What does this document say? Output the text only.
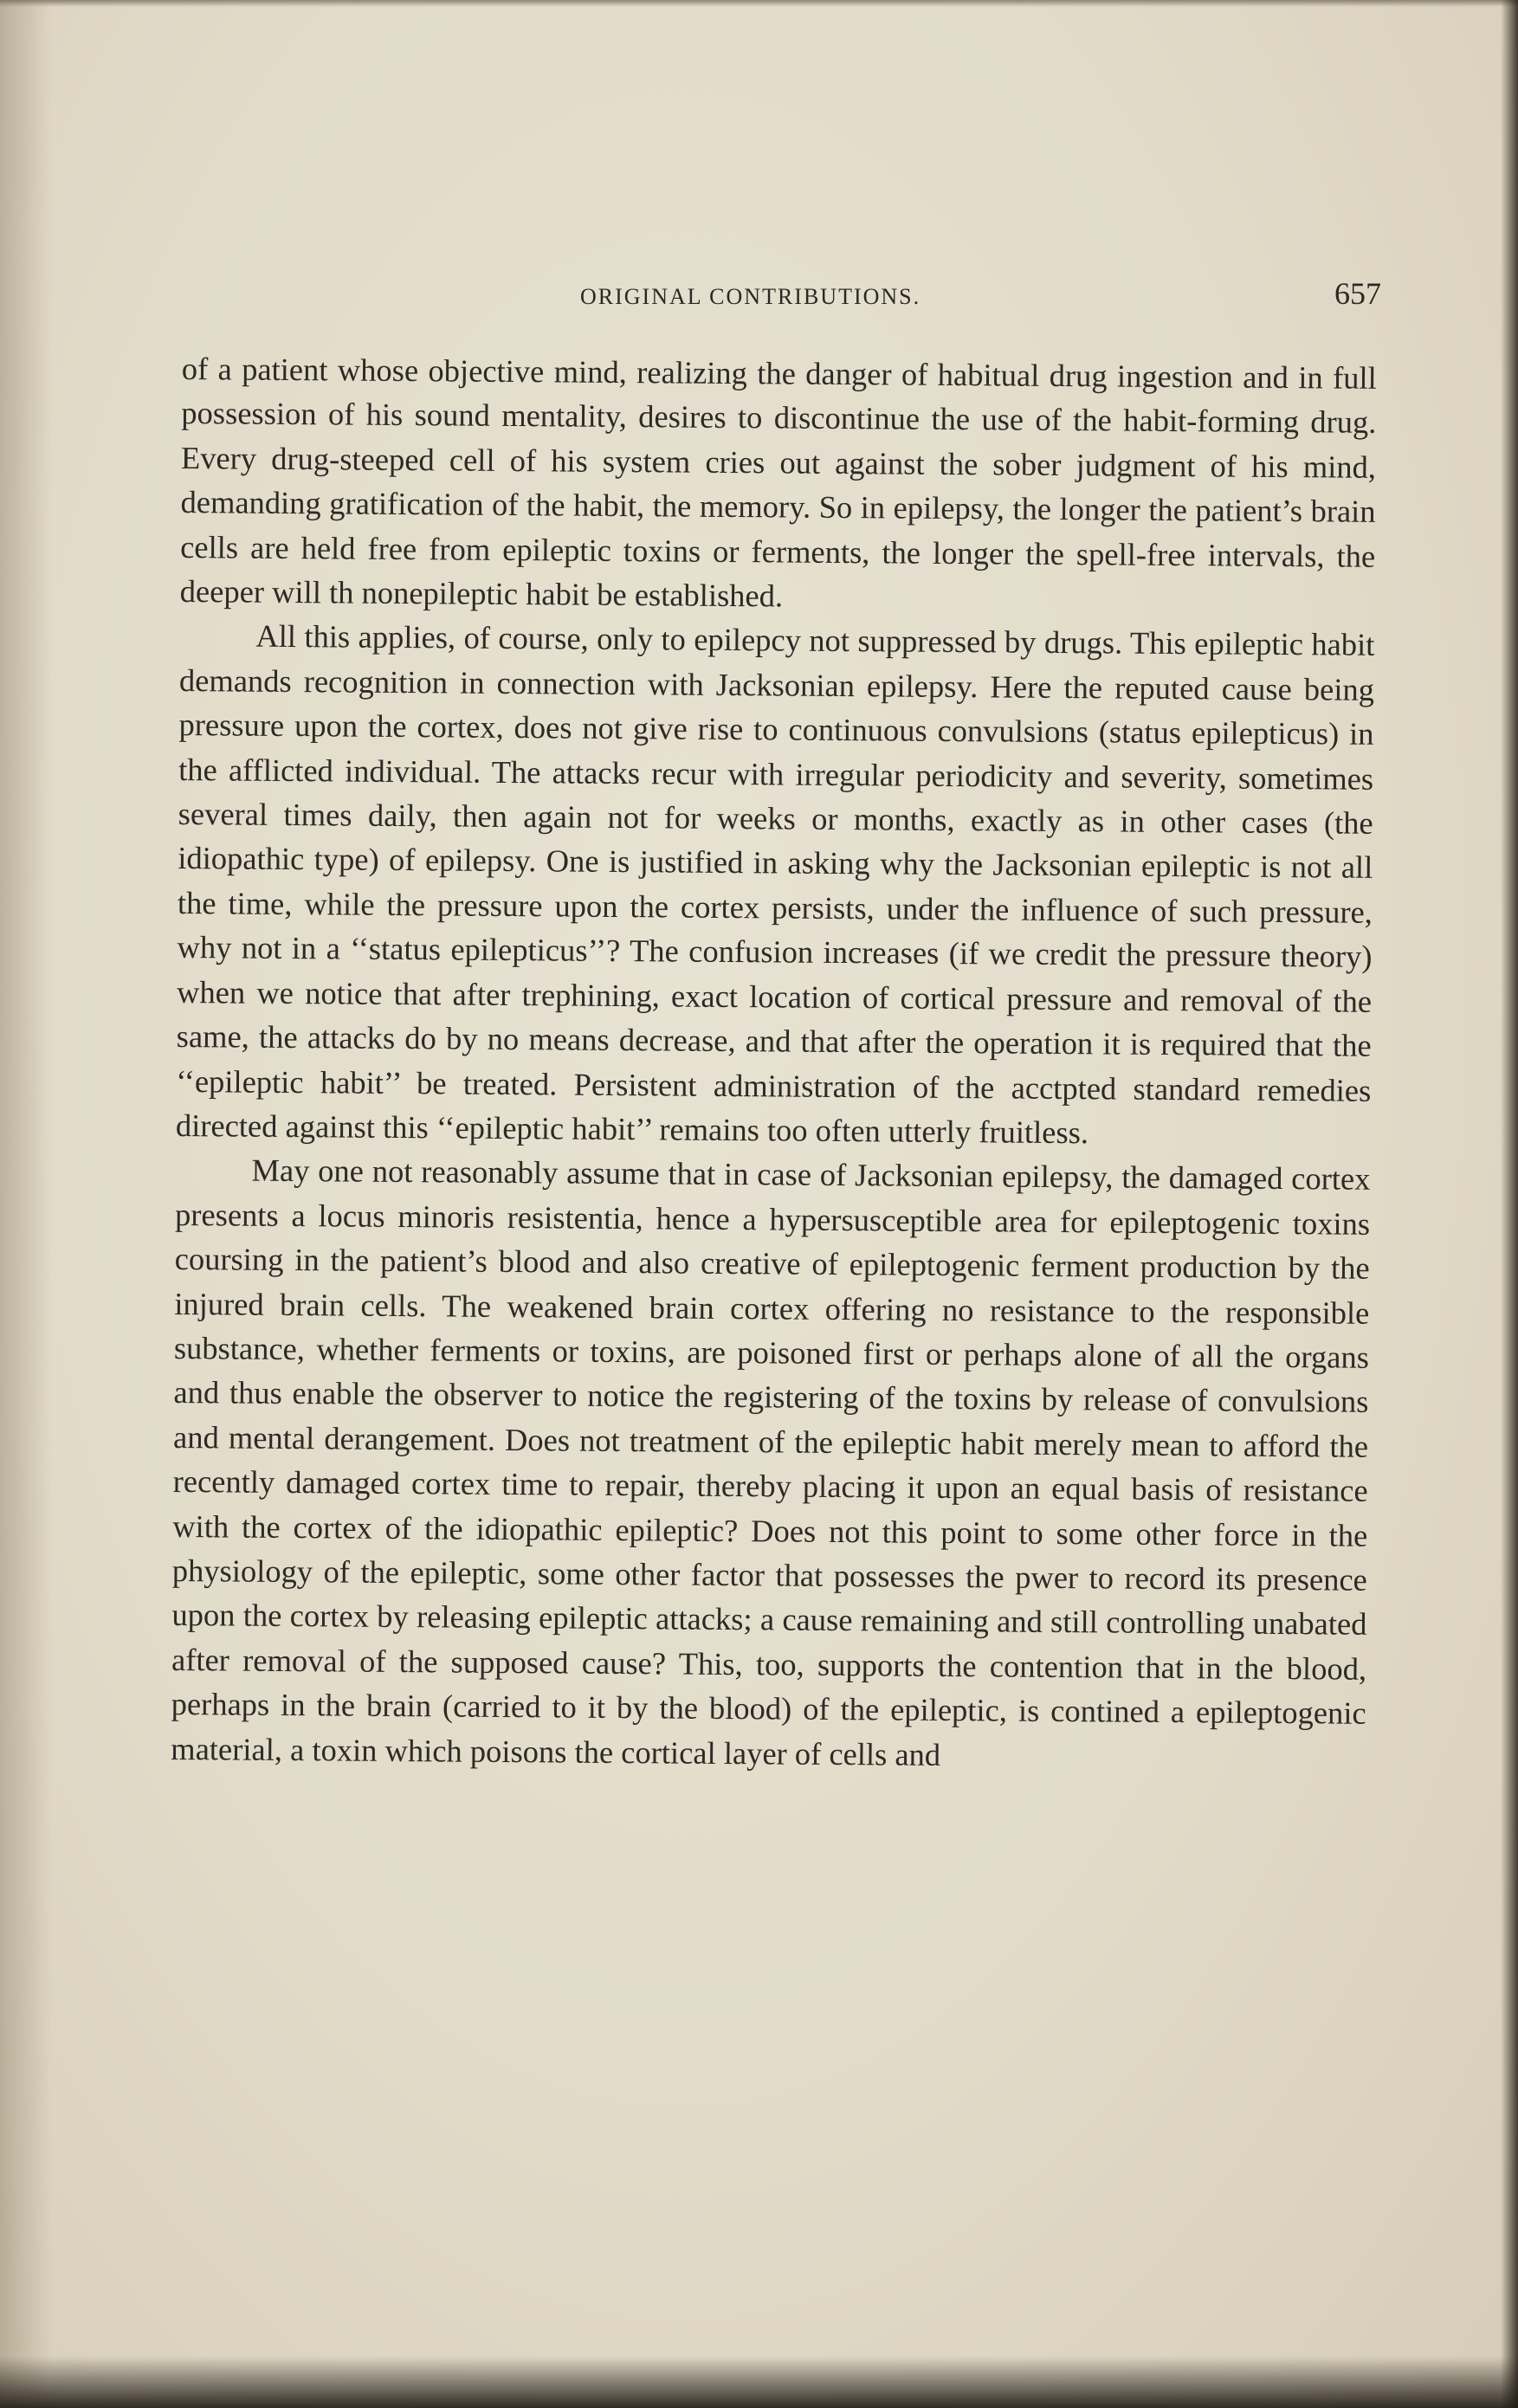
ORIGINAL CONTRIBUTIONS.	657

of a patient whose objective mind, realizing the danger of habitual drug ingestion and in full possession of his sound mentality, desires to discontinue the use of the habit-forming drug. Every drug-steeped cell of his system cries out against the sober judgment of his mind, demanding gratification of the habit, the memory. So in epilepsy, the longer the patient’s brain cells are held free from epileptic toxins or ferments, the longer the spell-free intervals, the deeper will th nonepileptic habit be established.

All this applies, of course, only to epilepcy not suppressed by drugs. This epileptic habit demands recognition in connection with Jacksonian epilepsy. Here the reputed cause being pressure upon the cortex, does not give rise to continuous convulsions (status epilepticus) in the afflicted individual. The attacks recur with irregular periodicity and severity, sometimes several times daily, then again not for weeks or months, exactly as in other cases (the idiopathic type) of epilepsy. One is justified in asking why the Jacksonian epileptic is not all the time, while the pressure upon the cortex persists, under the influence of such pressure, why not in a ‘‘status epilepticus’’? The confusion increases (if we credit the pressure theory) when we notice that after trephining, exact location of cortical pressure and removal of the same, the attacks do by no means decrease, and that after the operation it is required that the ‘‘epileptic habit’’ be treated. Persistent administration of the acctpted standard remedies directed against this ‘‘epileptic habit’’ remains too often utterly fruitless.

May one not reasonably assume that in case of Jacksonian epilepsy, the damaged cortex presents a locus minoris resistentia, hence a hypersusceptible area for epileptogenic toxins coursing in the patient’s blood and also creative of epileptogenic ferment production by the injured brain cells. The weakened brain cortex offering no resistance to the responsible substance, whether ferments or toxins, are poisoned first or perhaps alone of all the organs and thus enable the observer to notice the registering of the toxins by release of convulsions and mental derangement. Does not treatment of the epileptic habit merely mean to afford the recently damaged cortex time to repair, thereby placing it upon an equal basis of resistance with the cortex of the idiopathic epileptic? Does not this point to some other force in the physiology of the epileptic, some other factor that possesses the pwer to record its presence upon the cortex by releasing epileptic attacks; a cause remaining and still controlling unabated after removal of the supposed cause? This, too, supports the contention that in the blood, perhaps in the brain (carried to it by the blood) of the epileptic, is contined a epileptogenic material, a toxin which poisons the cortical layer of cells and
